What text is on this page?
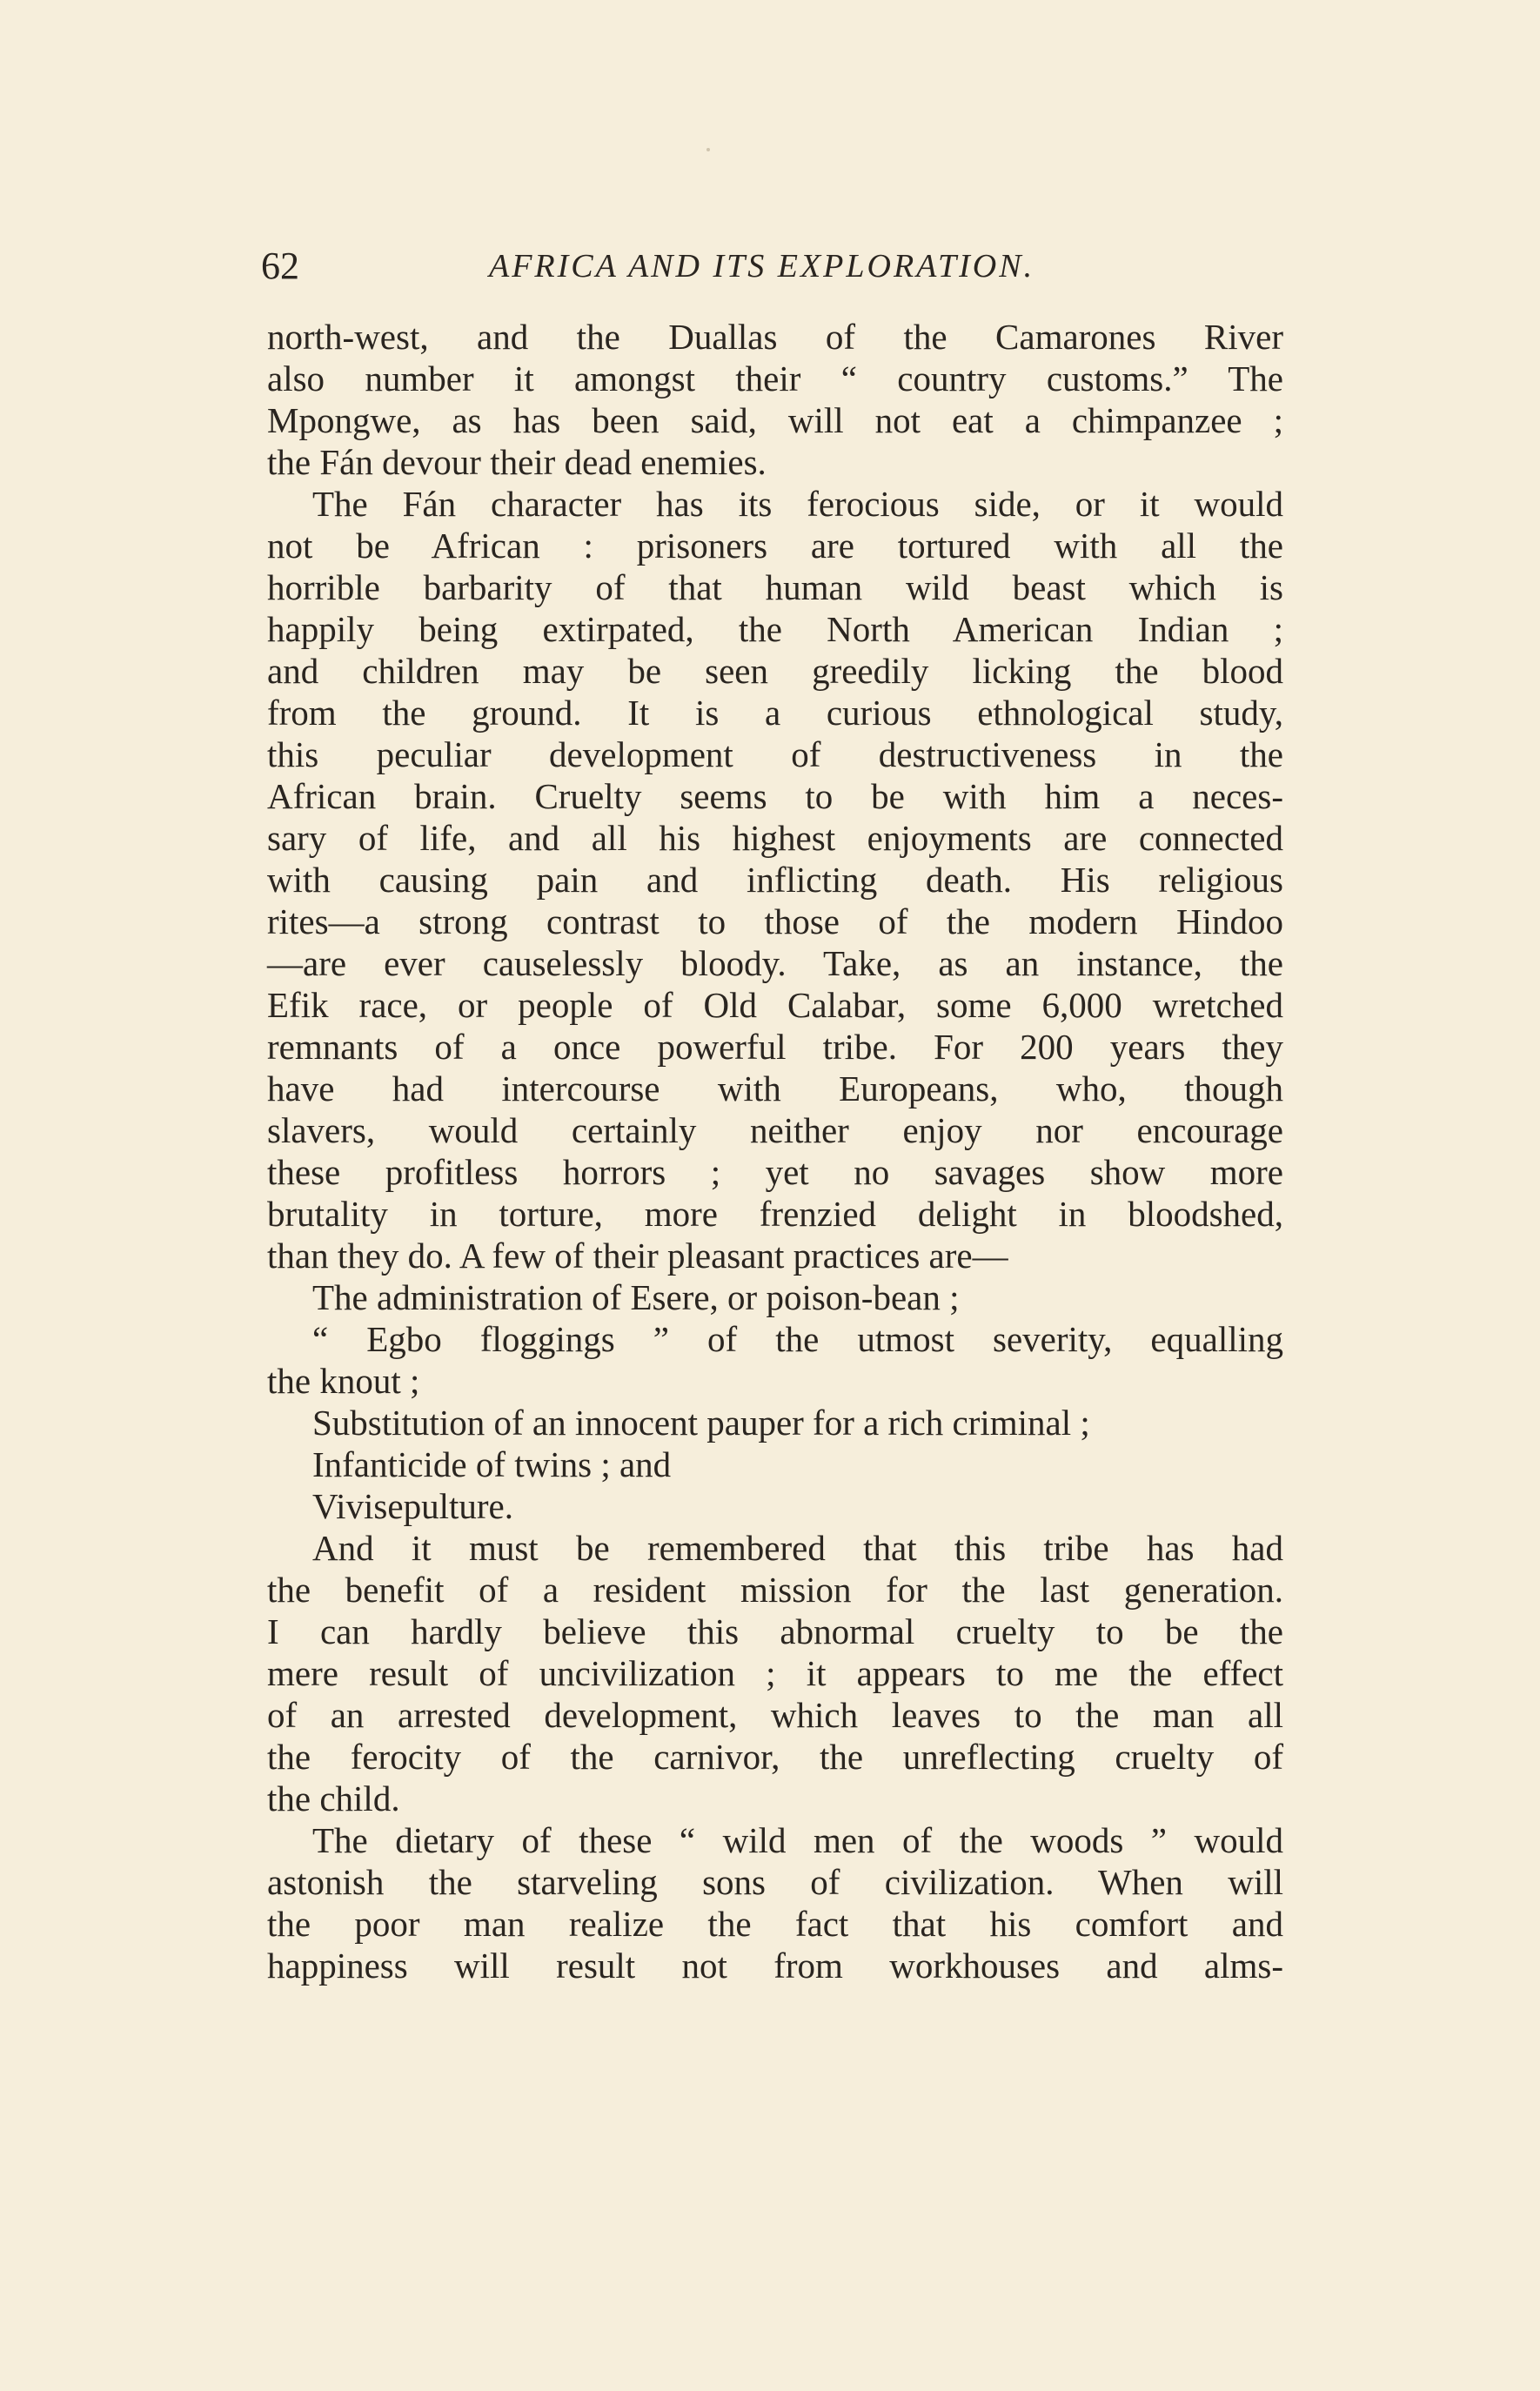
62	AFRICA AND ITS EXPLORATION.
north-west, and the Duallas of the Camarones River
also number it amongst their “ country customs.” The
Mpongwe, as has been said, will not eat a chimpanzee ;
the Fán devour their dead enemies.
The Fán character has its ferocious side, or it would
not be African : prisoners are tortured with all the
horrible barbarity of that human wild beast which is
happily being extirpated, the North American Indian ;
and children may be seen greedily licking the blood
from the ground. It is a curious ethnological study,
this peculiar development of destructiveness in the
African brain. Cruelty seems to be with him a neces-
sary of life, and all his highest enjoyments are connected
with causing pain and inflicting death. His religious
rites—a strong contrast to those of the modern Hindoo
—are ever causelessly bloody. Take, as an instance, the
Efik race, or people of Old Calabar, some 6,000 wretched
remnants of a once powerful tribe. For 200 years they
have had intercourse with Europeans, who, though
slavers, would certainly neither enjoy nor encourage
these profitless horrors ; yet no savages show more
brutality in torture, more frenzied delight in bloodshed,
than they do. A few of their pleasant practices are—
The administration of Esere, or poison-bean ;
“ Egbo floggings ” of the utmost severity, equalling
the knout ;
Substitution of an innocent pauper for a rich criminal ;
Infanticide of twins ; and
Vivisepulture.
And it must be remembered that this tribe has had
the benefit of a resident mission for the last generation.
I can hardly believe this abnormal cruelty to be the
mere result of uncivilization ; it appears to me the effect
of an arrested development, which leaves to the man all
the ferocity of the carnivor, the unreflecting cruelty of
the child.
The dietary of these “ wild men of the woods ” would
astonish the starveling sons of civilization. When will
the poor man realize the fact that his comfort and
happiness will result not from workhouses and alms-
